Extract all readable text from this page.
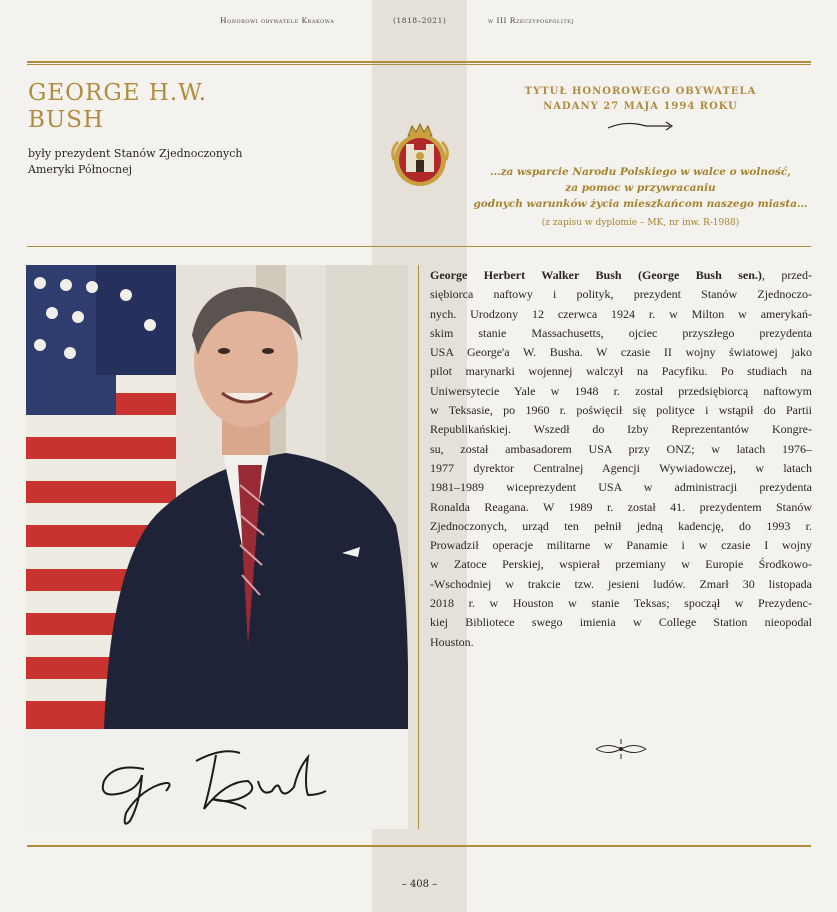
Honorowi obywatele Krakowa	(1818–2021)	w III Rzeczypospolitej
GEORGE H.W.
BUSH
były prezydent Stanów Zjednoczonych
Ameryki Północnej
TYTUŁ HONOROWEGO OBYWATELA
NADANY 27 MAJA 1994 ROKU
…za wsparcie Narodu Polskiego w walce o wolność,
za pomoc w przywracaniu
godnych warunków życia mieszkańcom naszego miasta…
(z zapisu w dyplomie – MK, nr inw. R-1988)
George Herbert Walker Bush (George Bush sen.), przed-
siębiorca naftowy i polityk, prezydent Stanów Zjednoczo-
nych. Urodzony 12 czerwca 1924 r. w Milton w amerykań-
skim stanie Massachusetts, ojciec przyszłego prezydenta
USA George'a W. Busha. W czasie II wojny światowej jako
pilot marynarki wojennej walczył na Pacyfiku. Po studiach na
Uniwersytecie Yale w 1948 r. został przedsiębiorcą naftowym
w Teksasie, po 1960 r. poświęcił się polityce i wstąpił do Partii
Republikańskiej. Wszedł do Izby Reprezentantów Kongre-
su, został ambasadorem USA przy ONZ; w latach 1976–
1977 dyrektor Centralnej Agencji Wywiadowczej, w latach
1981–1989 wiceprezydent USA w administracji prezydenta
Ronalda Reagana. W 1989 r. został 41. prezydentem Stanów
Zjednoczonych, urząd ten pełnił jedną kadencję, do 1993 r.
Prowadził operacje militarne w Panamie i w czasie I wojny
w Zatoce Perskiej, wspierał przemiany w Europie Środkowo-
-Wschodniej w trakcie tzw. jesieni ludów. Zmarł 30 listopada
2018 r. w Houston w stanie Teksas; spoczął w Prezydenc-
kiej Bibliotece swego imienia w College Station nieopodal
Houston.
– 408 –
